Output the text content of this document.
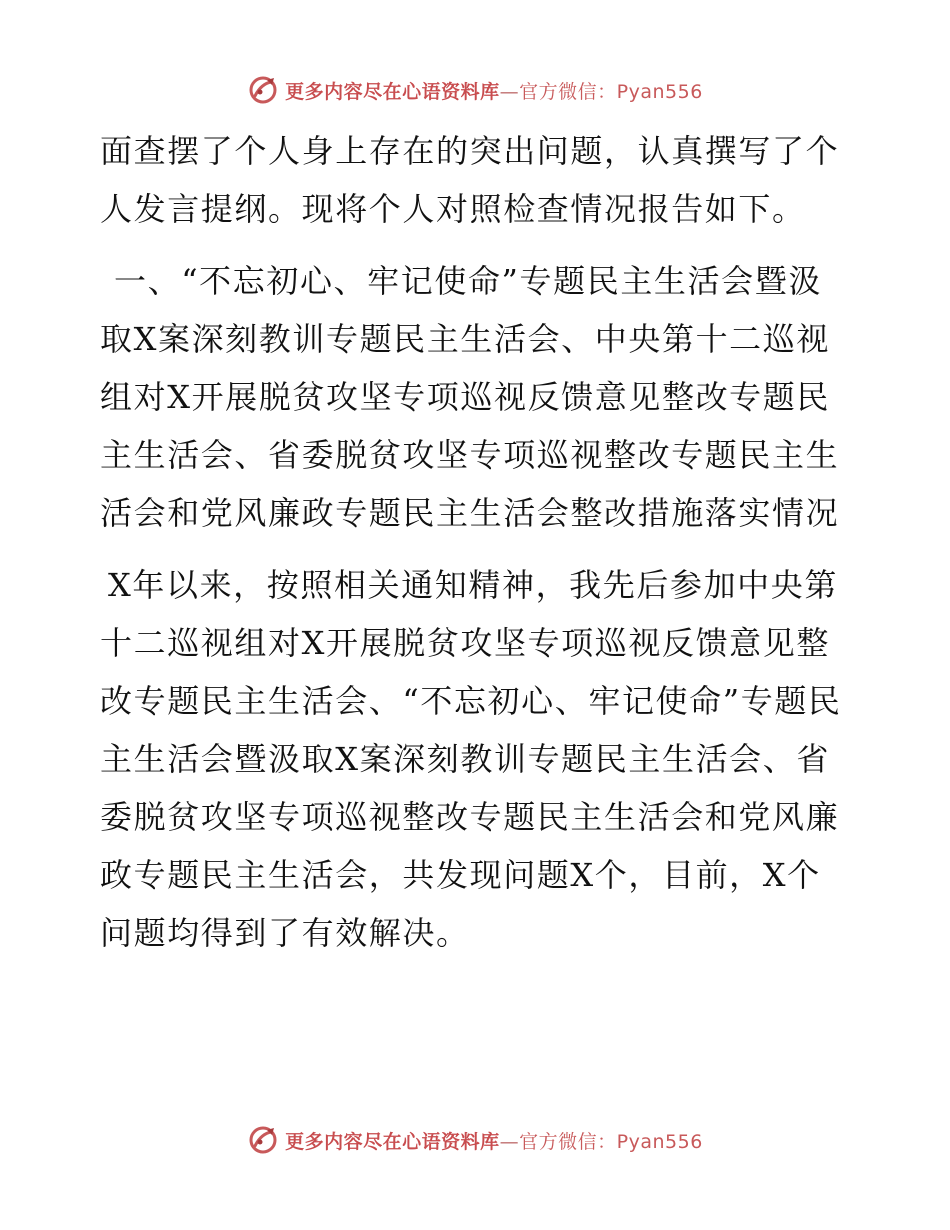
更多内容尽在心语资料库—官方微信：Pyan556

面查摆了个人身上存在的突出问题，认真撰写了个人发言提纲。现将个人对照检查情况报告如下。

一、“不忘初心、牢记使命”专题民主生活会暨汲取X案深刻教训专题民主生活会、中央第十二巡视组对X开展脱贫攻坚专项巡视反馈意见整改专题民主生活会、省委脱贫攻坚专项巡视整改专题民主生活会和党风廉政专题民主生活会整改措施落实情况

X年以来，按照相关通知精神，我先后参加中央第十二巡视组对X开展脱贫攻坚专项巡视反馈意见整改专题民主生活会、“不忘初心、牢记使命”专题民主生活会暨汲取X案深刻教训专题民主生活会、省委脱贫攻坚专项巡视整改专题民主生活会和党风廉政专题民主生活会，共发现问题X个，目前，X个问题均得到了有效解决。

更多内容尽在心语资料库—官方微信：Pyan556
